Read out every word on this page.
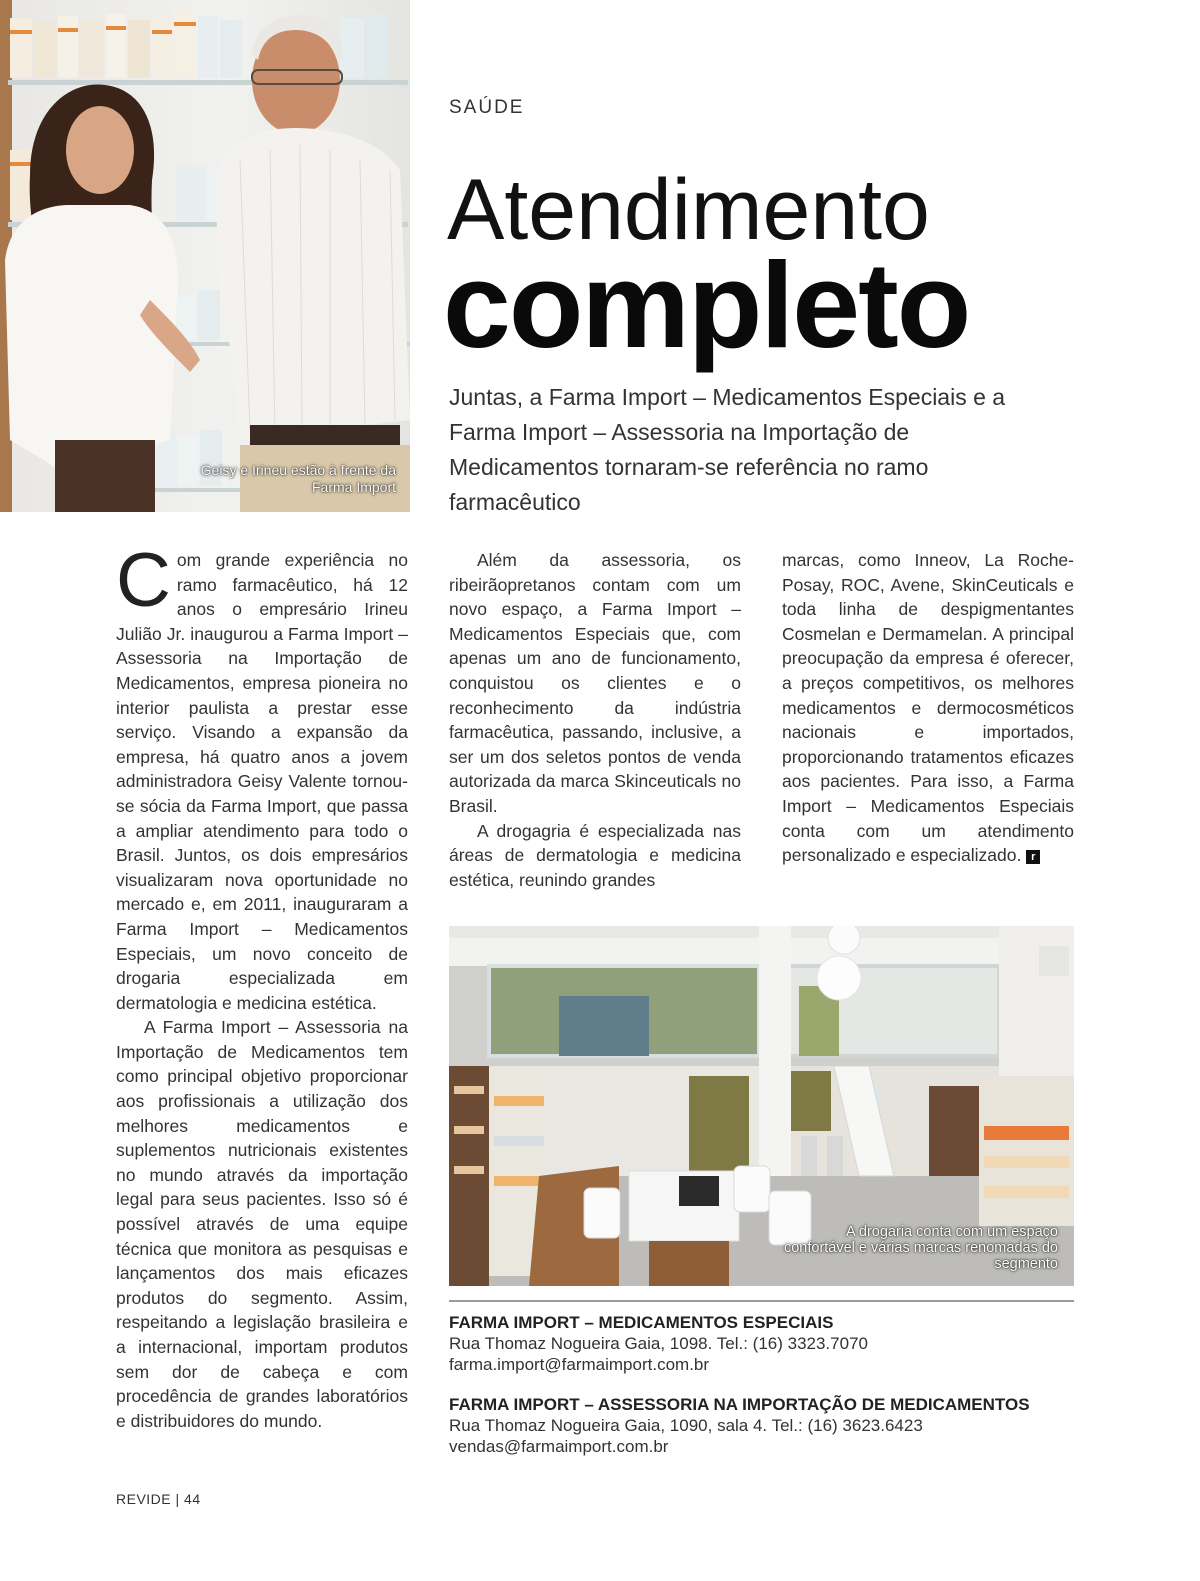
Geisy e Irineu estão à frente da Farma Import
SAÚDE
Atendimento
completo
Juntas, a Farma Import – Medicamentos Especiais e a Farma Import – Assessoria na Importação de Medicamentos tornaram-se referência no ramo farmacêutico

Com grande experiência no ramo farmacêutico, há 12 anos o empresário Irineu Julião Jr. inaugurou a Farma Import – Assessoria na Importação de Medicamentos, empresa pioneira no interior paulista a prestar esse serviço. Visando a expansão da empresa, há quatro anos a jovem administradora Geisy Valente tornou-se sócia da Farma Import, que passa a ampliar atendimento para todo o Brasil. Juntos, os dois empresários visualizaram nova oportunidade no mercado e, em 2011, inauguraram a Farma Import – Medicamentos Especiais, um novo conceito de drogaria especializada em dermatologia e medicina estética.

A Farma Import – Assessoria na Importação de Medicamentos tem como principal objetivo proporcionar aos profissionais a utilização dos melhores medicamentos e suplementos nutricionais existentes no mundo através da importação legal para seus pacientes. Isso só é possível através de uma equipe técnica que monitora as pesquisas e lançamentos dos mais eficazes produtos do segmento. Assim, respeitando a legislação brasileira e a internacional, importam produtos sem dor de cabeça e com procedência de grandes laboratórios e distribuidores do mundo.

Além da assessoria, os ribeirãopretanos contam com um novo espaço, a Farma Import – Medicamentos Especiais que, com apenas um ano de funcionamento, conquistou os clientes e o reconhecimento da indústria farmacêutica, passando, inclusive, a ser um dos seletos pontos de venda autorizada da marca Skinceuticals no Brasil.

A drogagria é especializada nas áreas de dermatologia e medicina estética, reunindo grandes

marcas, como Inneov, La Roche-Posay, ROC, Avene, SkinCeuticals e toda linha de despigmentantes Cosmelan e Dermamelan. A principal preocupação da empresa é oferecer, a preços competitivos, os melhores medicamentos e dermocosméticos nacionais e importados, proporcionando tratamentos eficazes aos pacientes. Para isso, a Farma Import – Medicamentos Especiais conta com um atendimento personalizado e especializado. r

A drogaria conta com um espaço confortável e várias marcas renomadas do segmento
FARMA IMPORT – MEDICAMENTOS ESPECIAIS
Rua Thomaz Nogueira Gaia, 1098. Tel.: (16) 3323.7070
farma.import@farmaimport.com.br
FARMA IMPORT – ASSESSORIA NA IMPORTAÇÃO DE MEDICAMENTOS
Rua Thomaz Nogueira Gaia, 1090, sala 4. Tel.: (16) 3623.6423
vendas@farmaimport.com.br
REVIDE | 44
